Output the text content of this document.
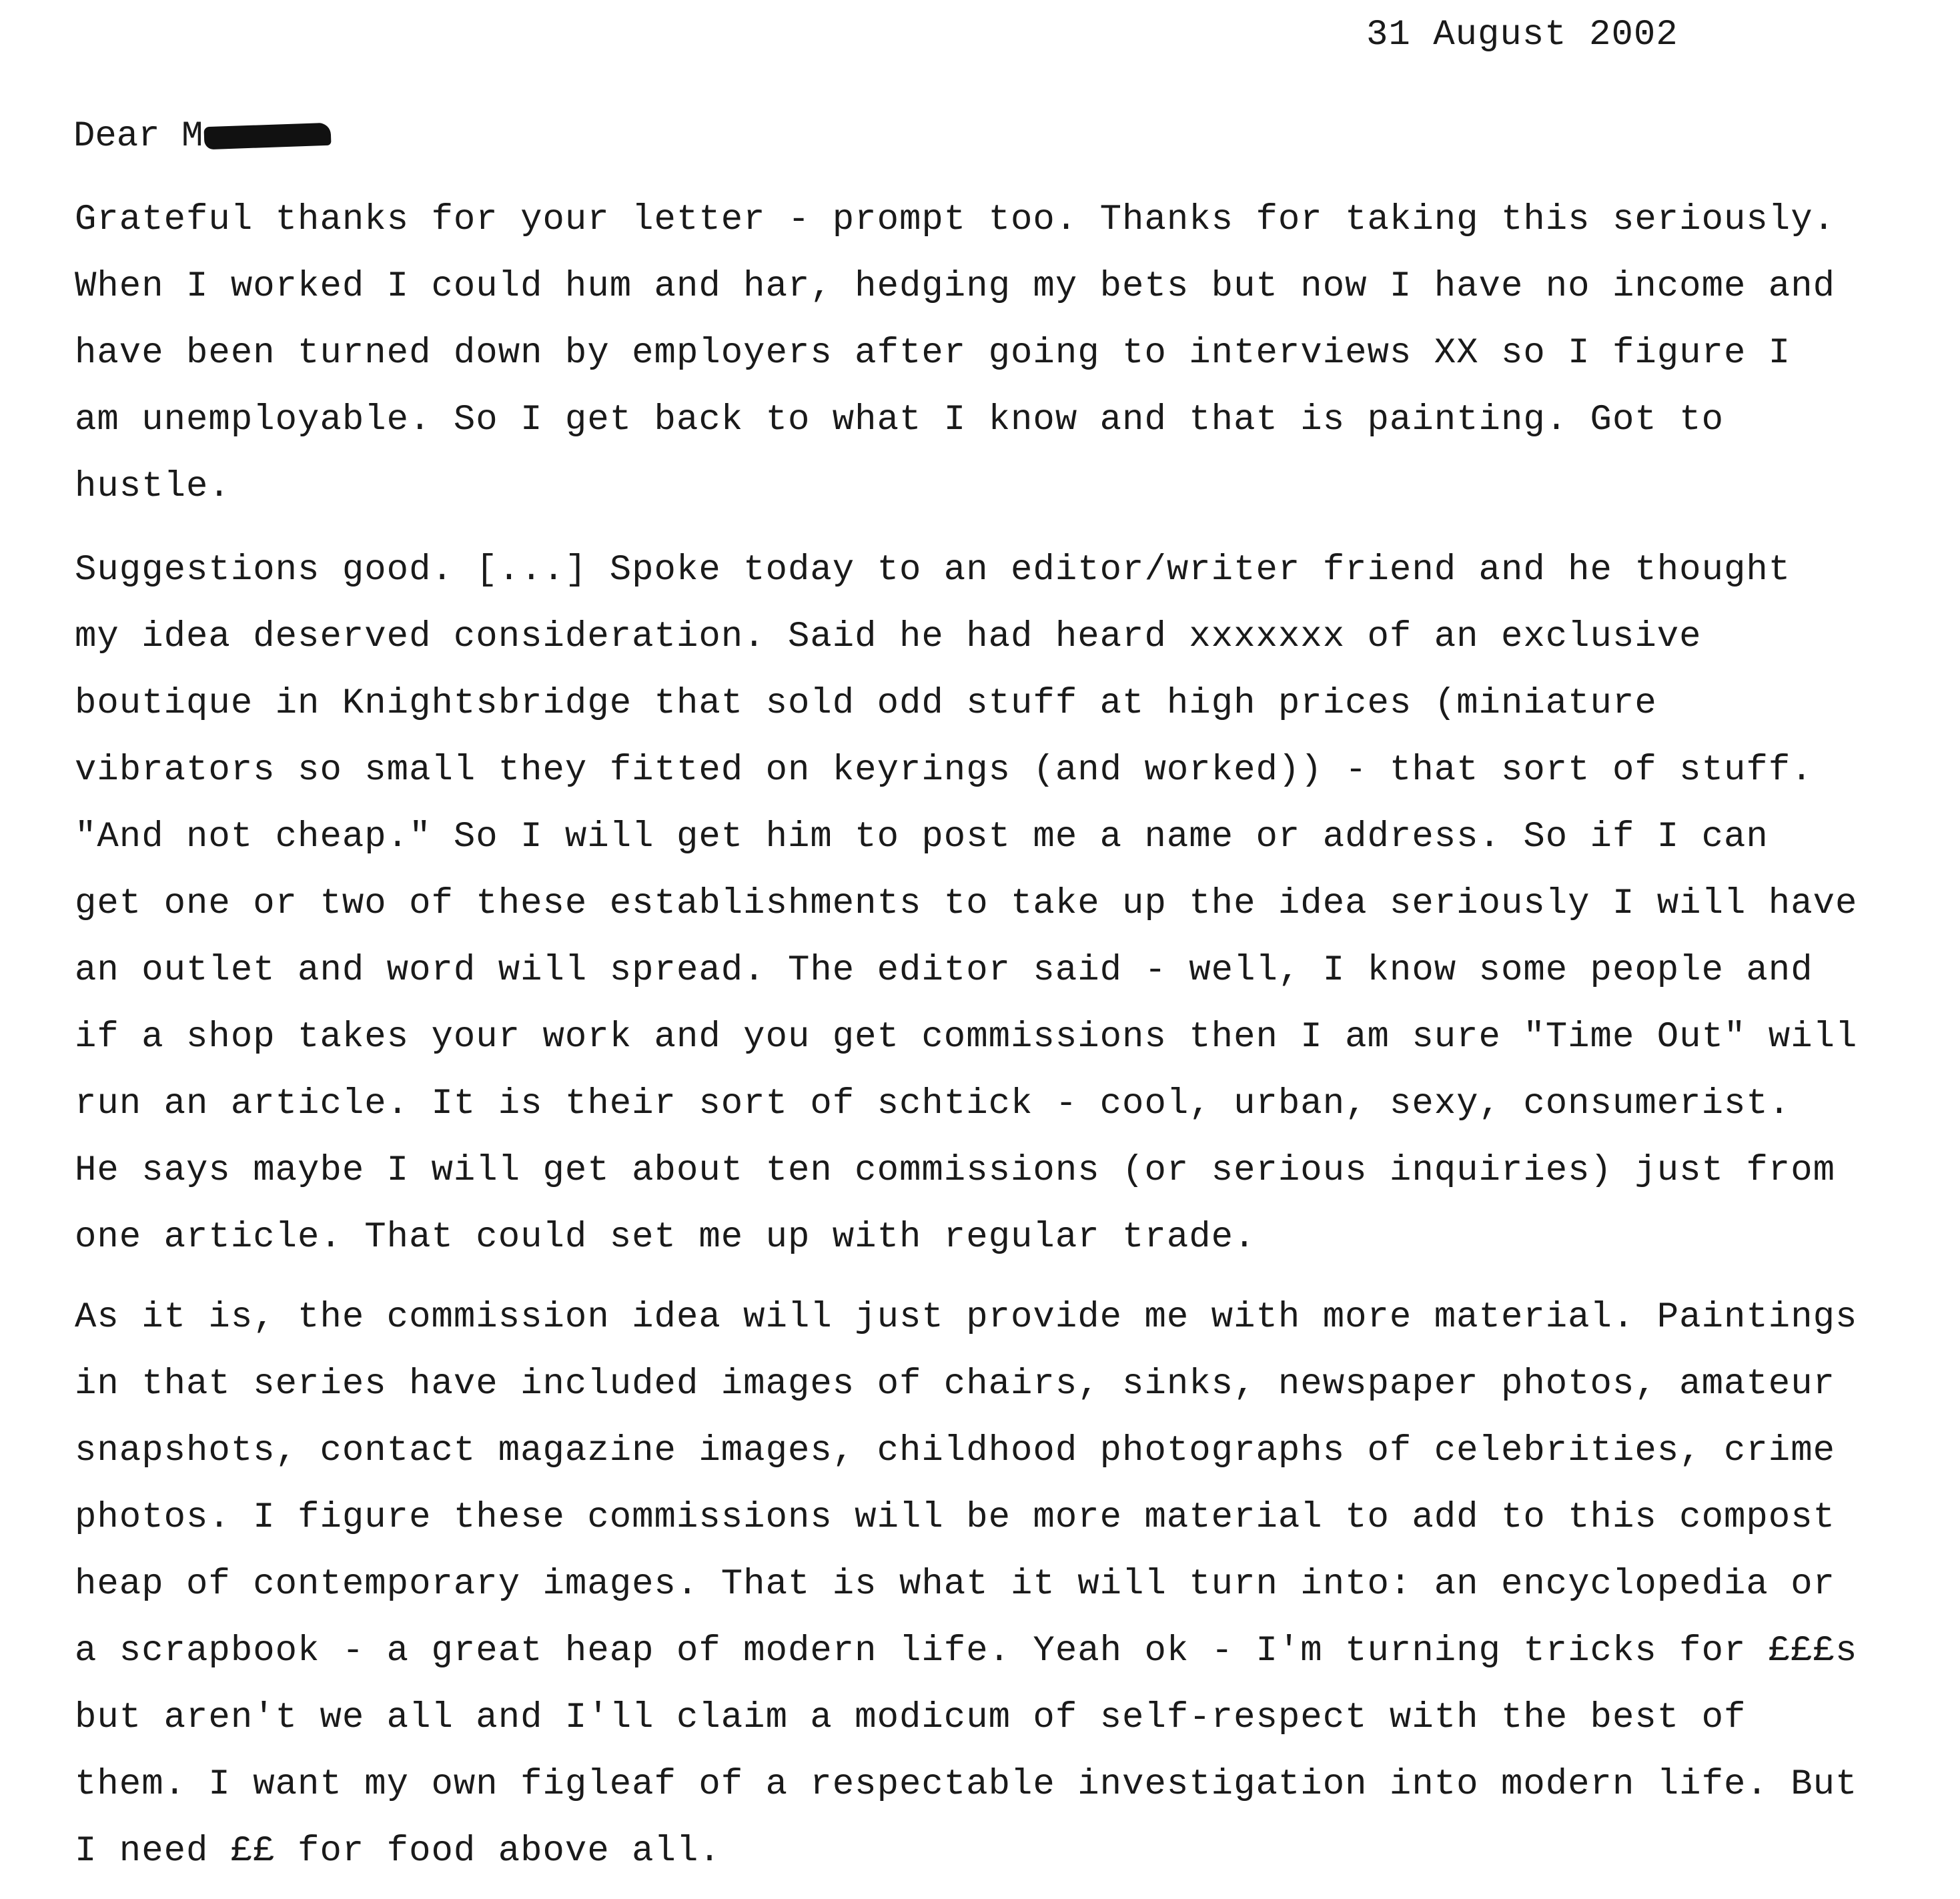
31 August 2002
Dear M
Grateful thanks for your letter - prompt too. Thanks for taking this seriously.
When I worked I could hum and har, hedging my bets but now I have no income and
have been turned down by employers after going to interviews XX so I figure I
am unemployable. So I get back to what I know and that is painting. Got to
hustle.
Suggestions good. [...] Spoke today to an editor/writer friend and he thought
my idea deserved consideration. Said he had heard xxxxxxx of an exclusive
boutique in Knightsbridge that sold odd stuff at high prices (miniature
vibrators so small they fitted on keyrings (and worked)) - that sort of stuff.
"And not cheap." So I will get him to post me a name or address. So if I can
get one or two of these establishments to take up the idea seriously I will have
an outlet and word will spread. The editor said - well, I know some people and
if a shop takes your work and you get commissions then I am sure "Time Out" will
run an article. It is their sort of schtick - cool, urban, sexy, consumerist.
He says maybe I will get about ten commissions (or serious inquiries) just from
one article. That could set me up with regular trade.
As it is, the commission idea will just provide me with more material. Paintings
in that series have included images of chairs, sinks, newspaper photos, amateur
snapshots, contact magazine images, childhood photographs of celebrities, crime
photos. I figure these commissions will be more material to add to this compost
heap of contemporary images. That is what it will turn into: an encyclopedia or
a scrapbook - a great heap of modern life. Yeah ok - I'm turning tricks for £££s
but aren't we all and I'll claim a modicum of self-respect with the best of
them. I want my own figleaf of a respectable investigation into modern life. But
I need ££ for food above all.
